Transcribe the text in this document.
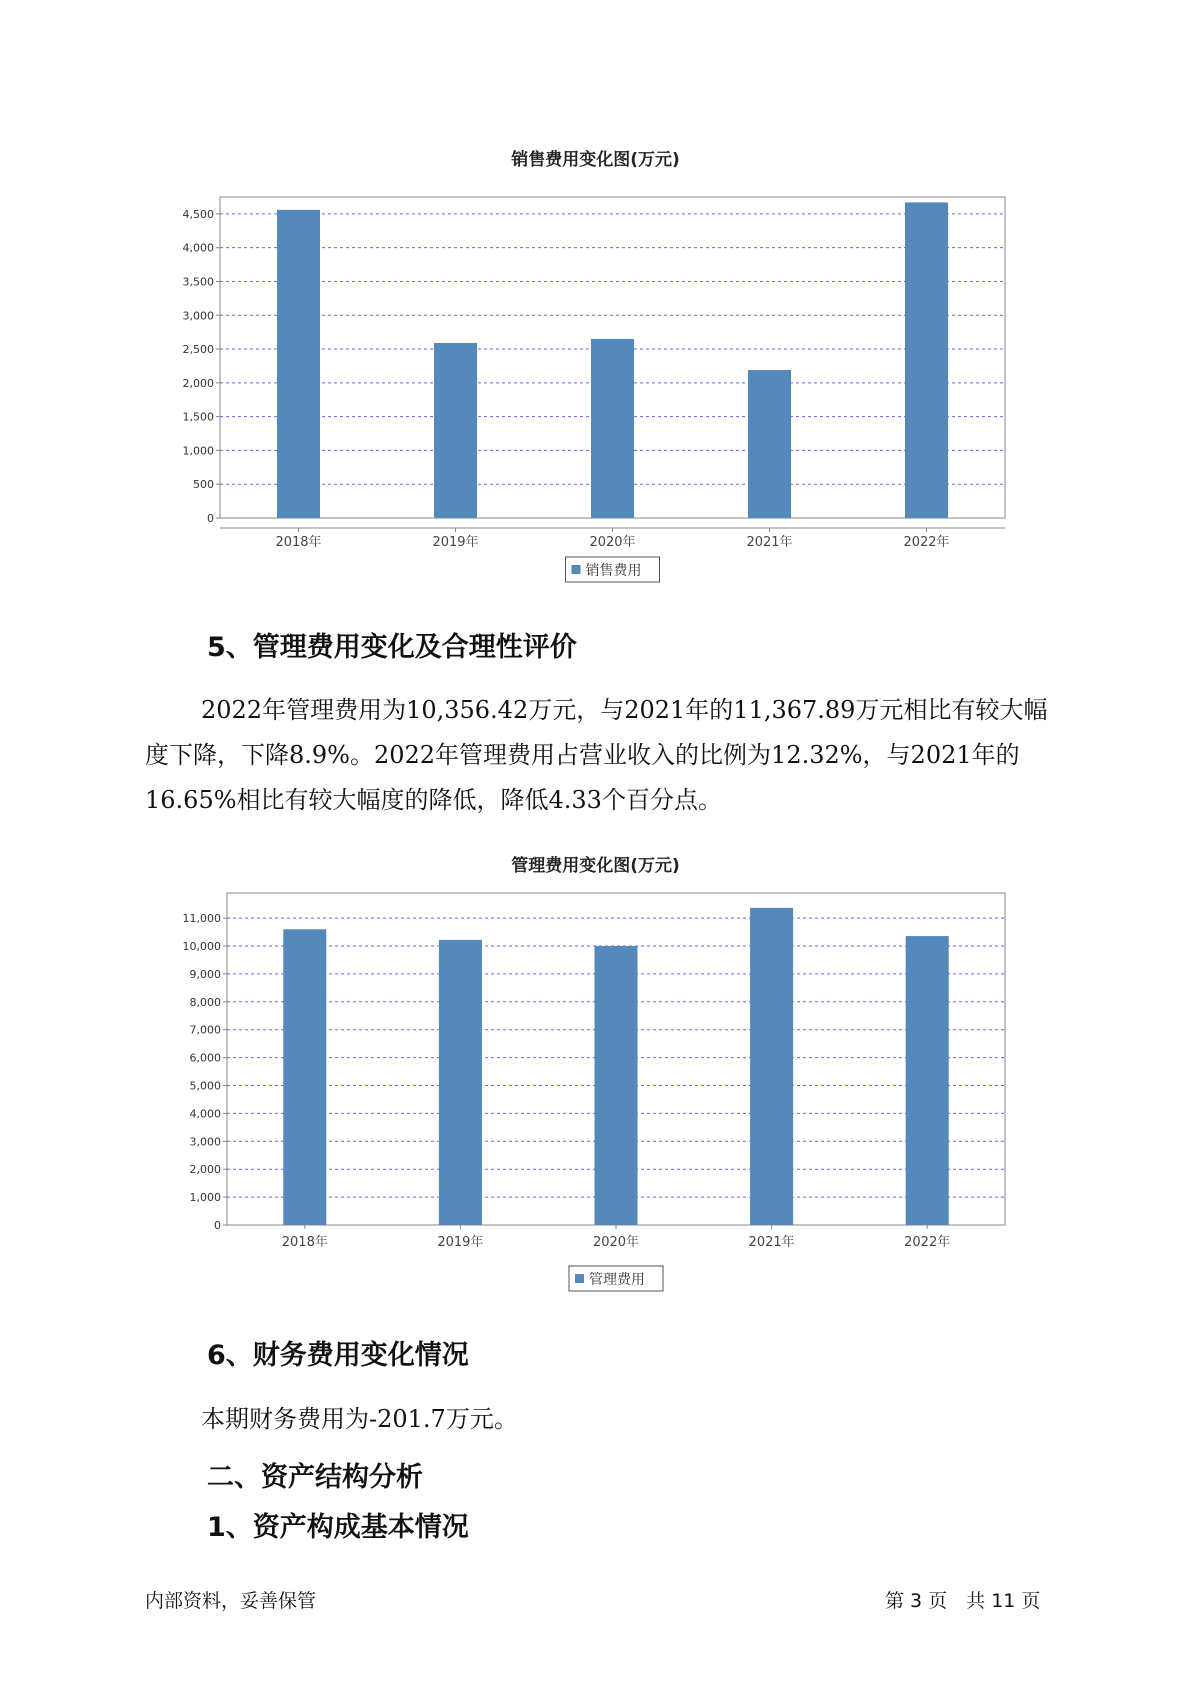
销售费用变化图(万元)
0
500
1,000
1,500
2,000
2,500
3,000
3,500
4,000
4,500
2018年	2019年	2020年	2021年	2022年
销售费用
5、管理费用变化及合理性评价

2022年管理费用为10,356.42万元，与2021年的11,367.89万元相比有较大幅度下降，下降8.9%。2022年管理费用占营业收入的比例为12.32%，与2021年的16.65%相比有较大幅度的降低，降低4.33个百分点。

管理费用变化图(万元)
0
1,000
2,000
3,000
4,000
5,000
6,000
7,000
8,000
9,000
10,000
11,000
2018年	2019年	2020年	2021年	2022年
管理费用
6、财务费用变化情况

本期财务费用为-201.7万元。

二、资产结构分析
1、资产构成基本情况
内部资料，妥善保管	第 3 页　共 11 页
